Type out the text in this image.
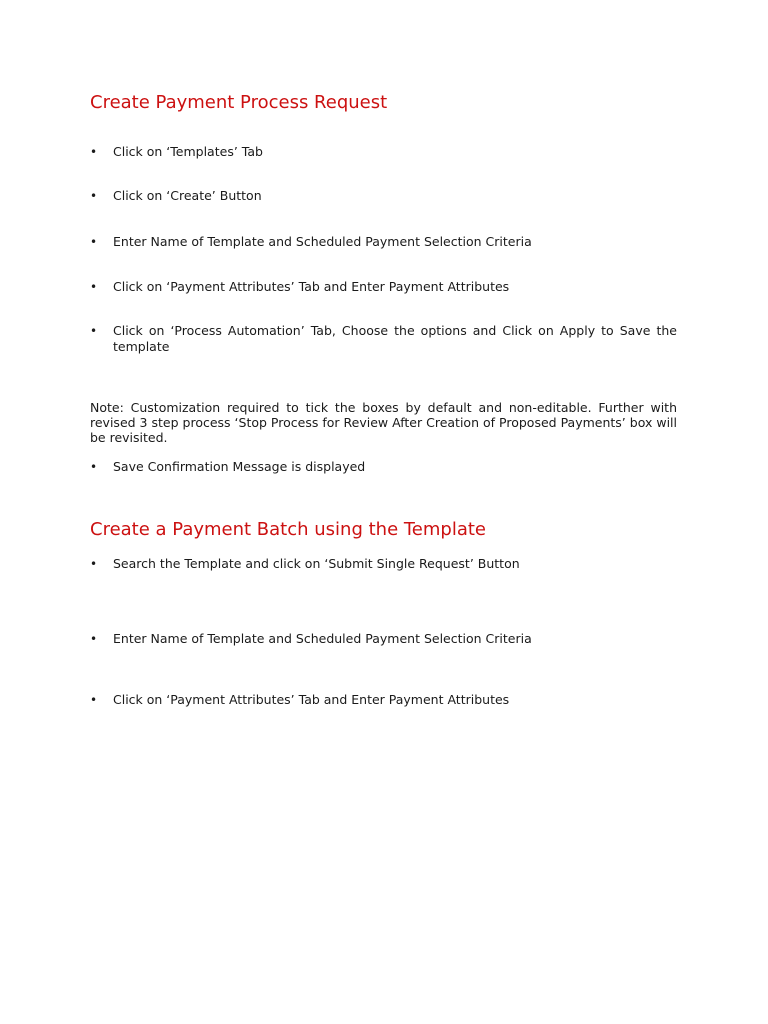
Create Payment Process Request
•	Click on ‘Templates’ Tab
•	Click on ‘Create’ Button
•	Enter Name of Template and Scheduled Payment Selection Criteria
•	Click on ‘Payment Attributes’ Tab and Enter Payment Attributes
•	Click on ‘Process Automation’ Tab, Choose the options and Click on Apply to Save the template

Note: Customization required to tick the boxes by default and non-editable. Further with revised 3 step process ‘Stop Process for Review After Creation of Proposed Payments’ box will be revisited.

•	Save Confirmation Message is displayed
Create a Payment Batch using the Template
•	Search the Template and click on ‘Submit Single Request’ Button
•	Enter Name of Template and Scheduled Payment Selection Criteria
•	Click on ‘Payment Attributes’ Tab and Enter Payment Attributes
